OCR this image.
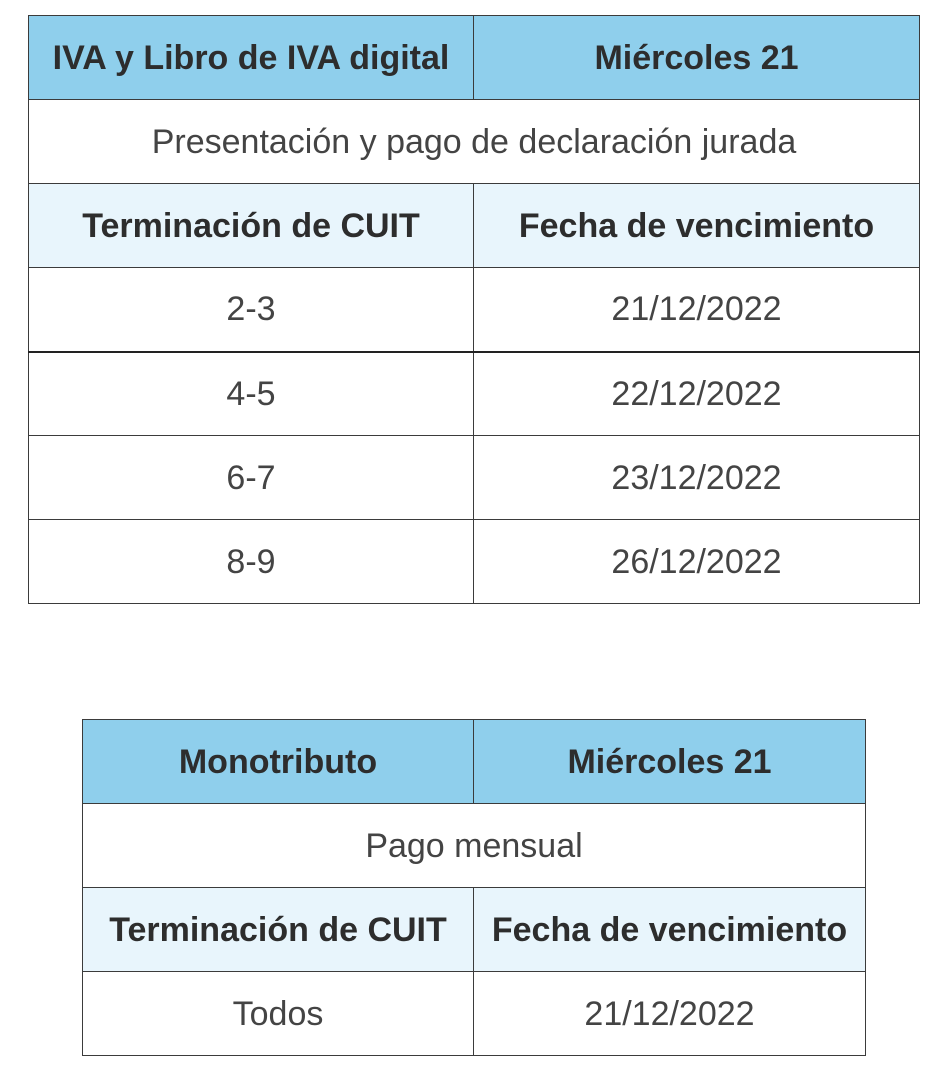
IVA y Libro de IVA digital	Miércoles 21
Presentación y pago de declaración jurada	
Terminación de CUIT	Fecha de vencimiento
2-3	21/12/2022
4-5	22/12/2022
6-7	23/12/2022
8-9	26/12/2022
Monotributo	Miércoles 21
Pago mensual	
Terminación de CUIT	Fecha de vencimiento
Todos	21/12/2022
